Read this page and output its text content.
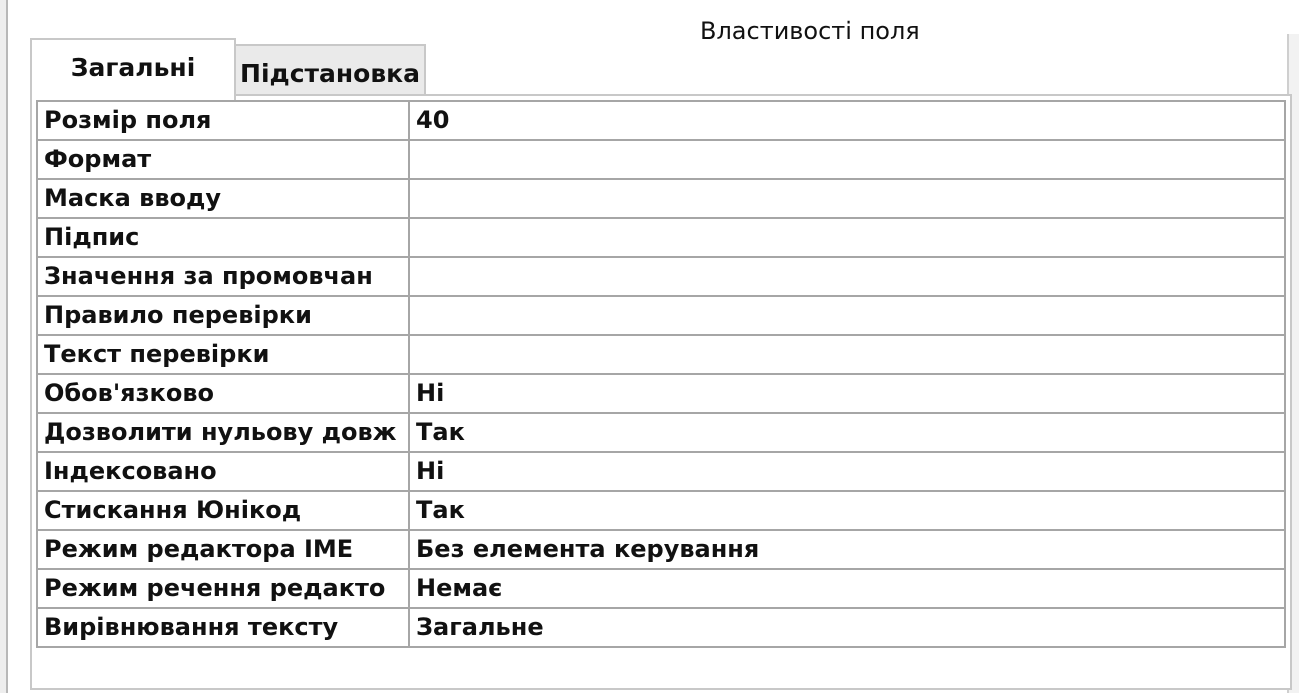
Властивості поля
Загальні	Підстановка
Розмір поля	40
Формат	
Маска вводу	
Підпис	
Значення за промовчан	
Правило перевірки	
Текст перевірки	
Обов'язково	Ні
Дозволити нульову довж	Так
Індексовано	Ні
Стискання Юнікод	Так
Режим редактора IME	Без елемента керування
Режим речення редакто	Немає
Вирівнювання тексту	Загальне
